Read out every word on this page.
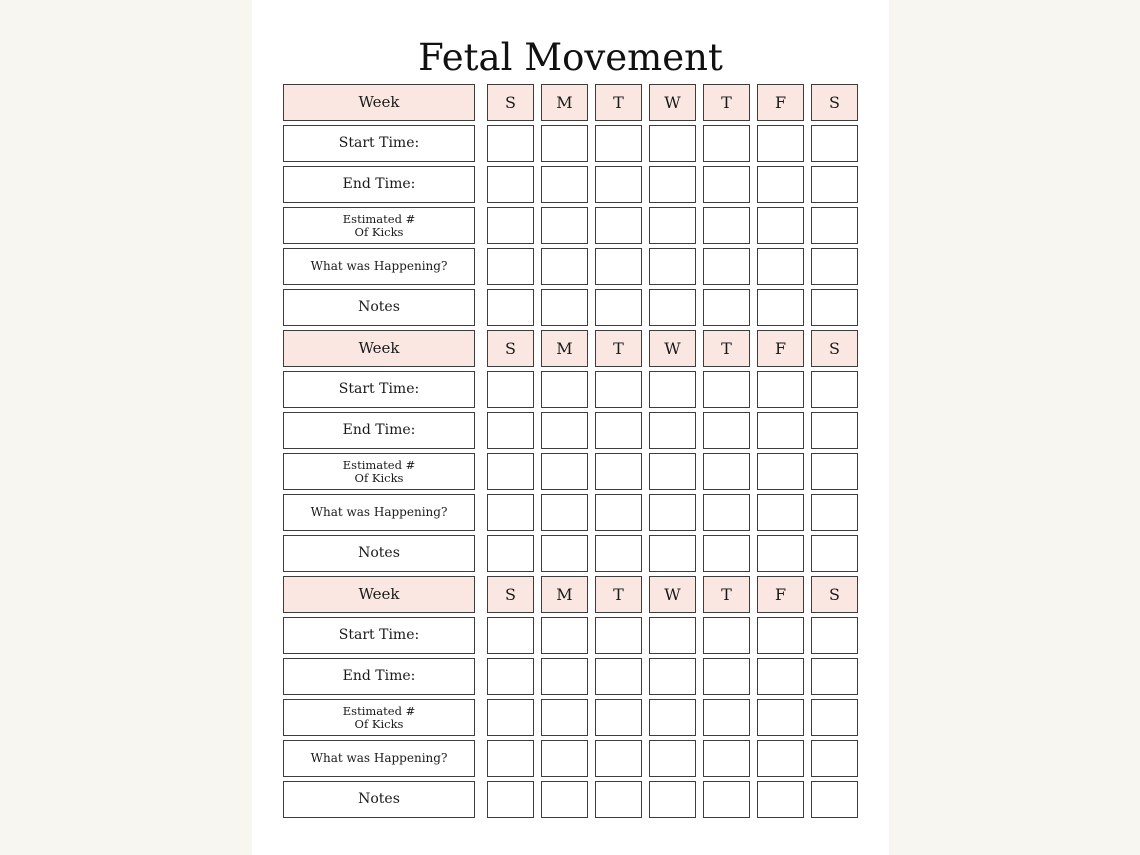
Fetal Movement
Week	S	M	T	W	T	F	S
Start Time:
End Time:
Estimated #
Of Kicks
What was Happening?
Notes
Week	S	M	T	W	T	F	S
Start Time:
End Time:
Estimated #
Of Kicks
What was Happening?
Notes
Week	S	M	T	W	T	F	S
Start Time:
End Time:
Estimated #
Of Kicks
What was Happening?
Notes
